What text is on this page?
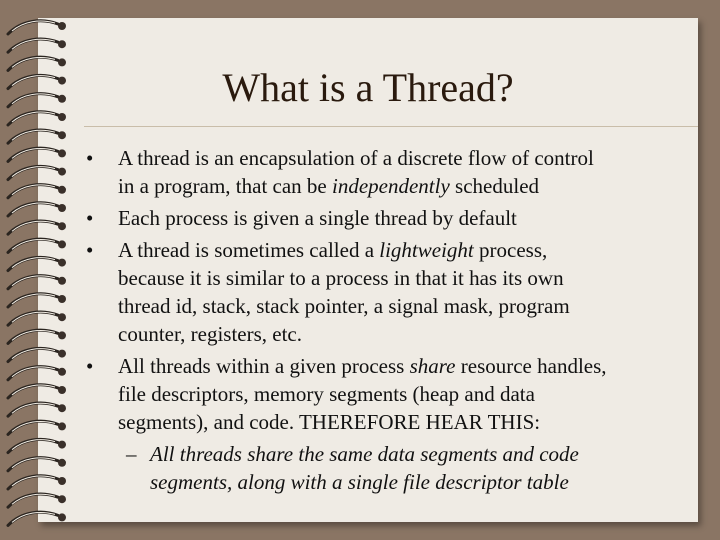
What is a Thread?
• A thread is an encapsulation of a discrete flow of control
in a program, that can be independently scheduled
• Each process is given a single thread by default
• A thread is sometimes called a lightweight process,
because it is similar to a process in that it has its own
thread id, stack, stack pointer, a signal mask, program
counter, registers, etc.
• All threads within a given process share resource handles,
file descriptors, memory segments (heap and data
segments), and code. THEREFORE HEAR THIS:
– All threads share the same data segments and code
segments, along with a single file descriptor table
